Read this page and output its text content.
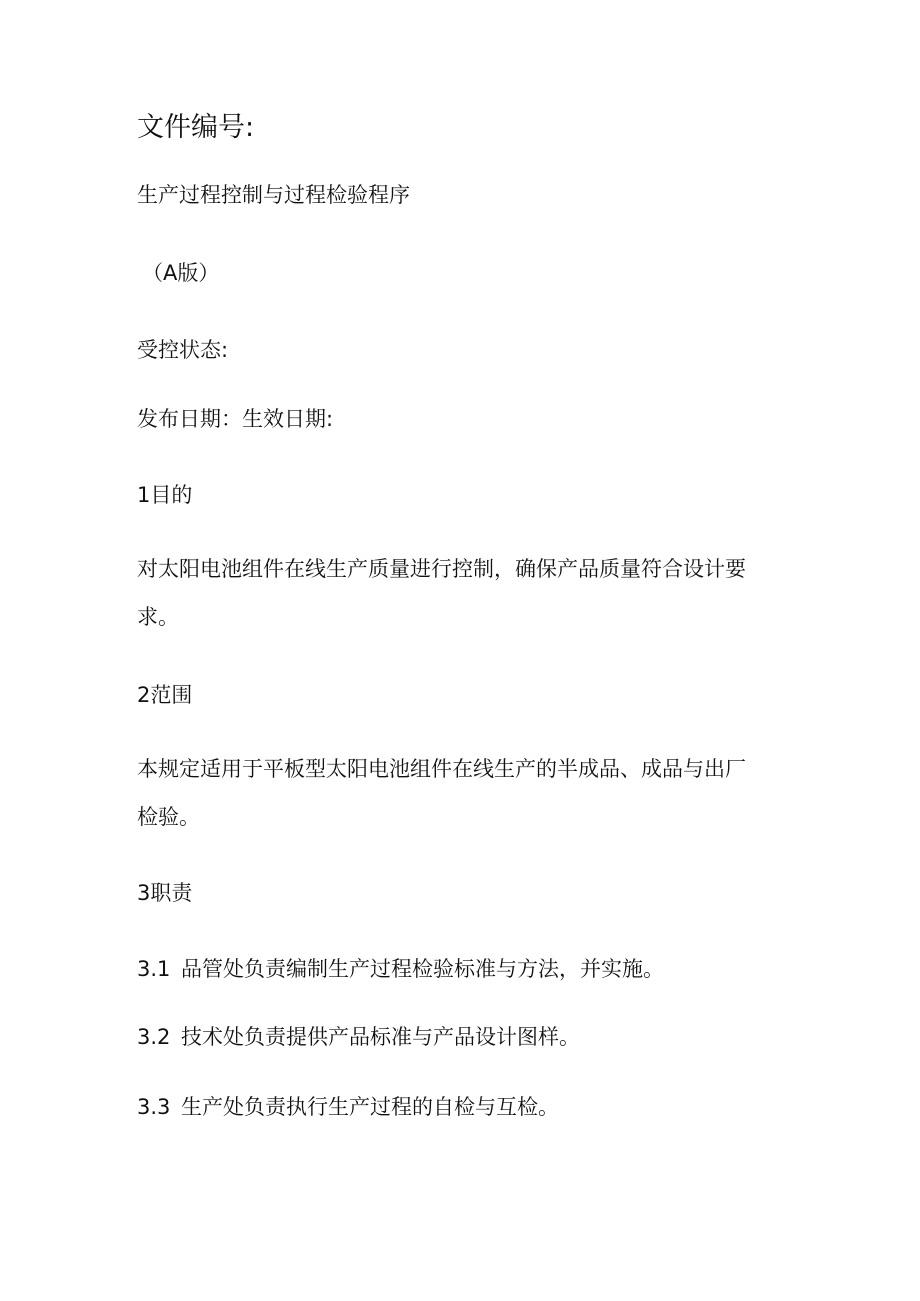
文件编号:
生产过程控制与过程检验程序
（A版）
受控状态:
发布日期：生效日期:
1目的
对太阳电池组件在线生产质量进行控制，确保产品质量符合设计要
求。
2范围
本规定适用于平板型太阳电池组件在线生产的半成品、成品与出厂
检验。
3职责
3.1 品管处负责编制生产过程检验标准与方法，并实施。
3.2 技术处负责提供产品标准与产品设计图样。
3.3 生产处负责执行生产过程的自检与互检。
